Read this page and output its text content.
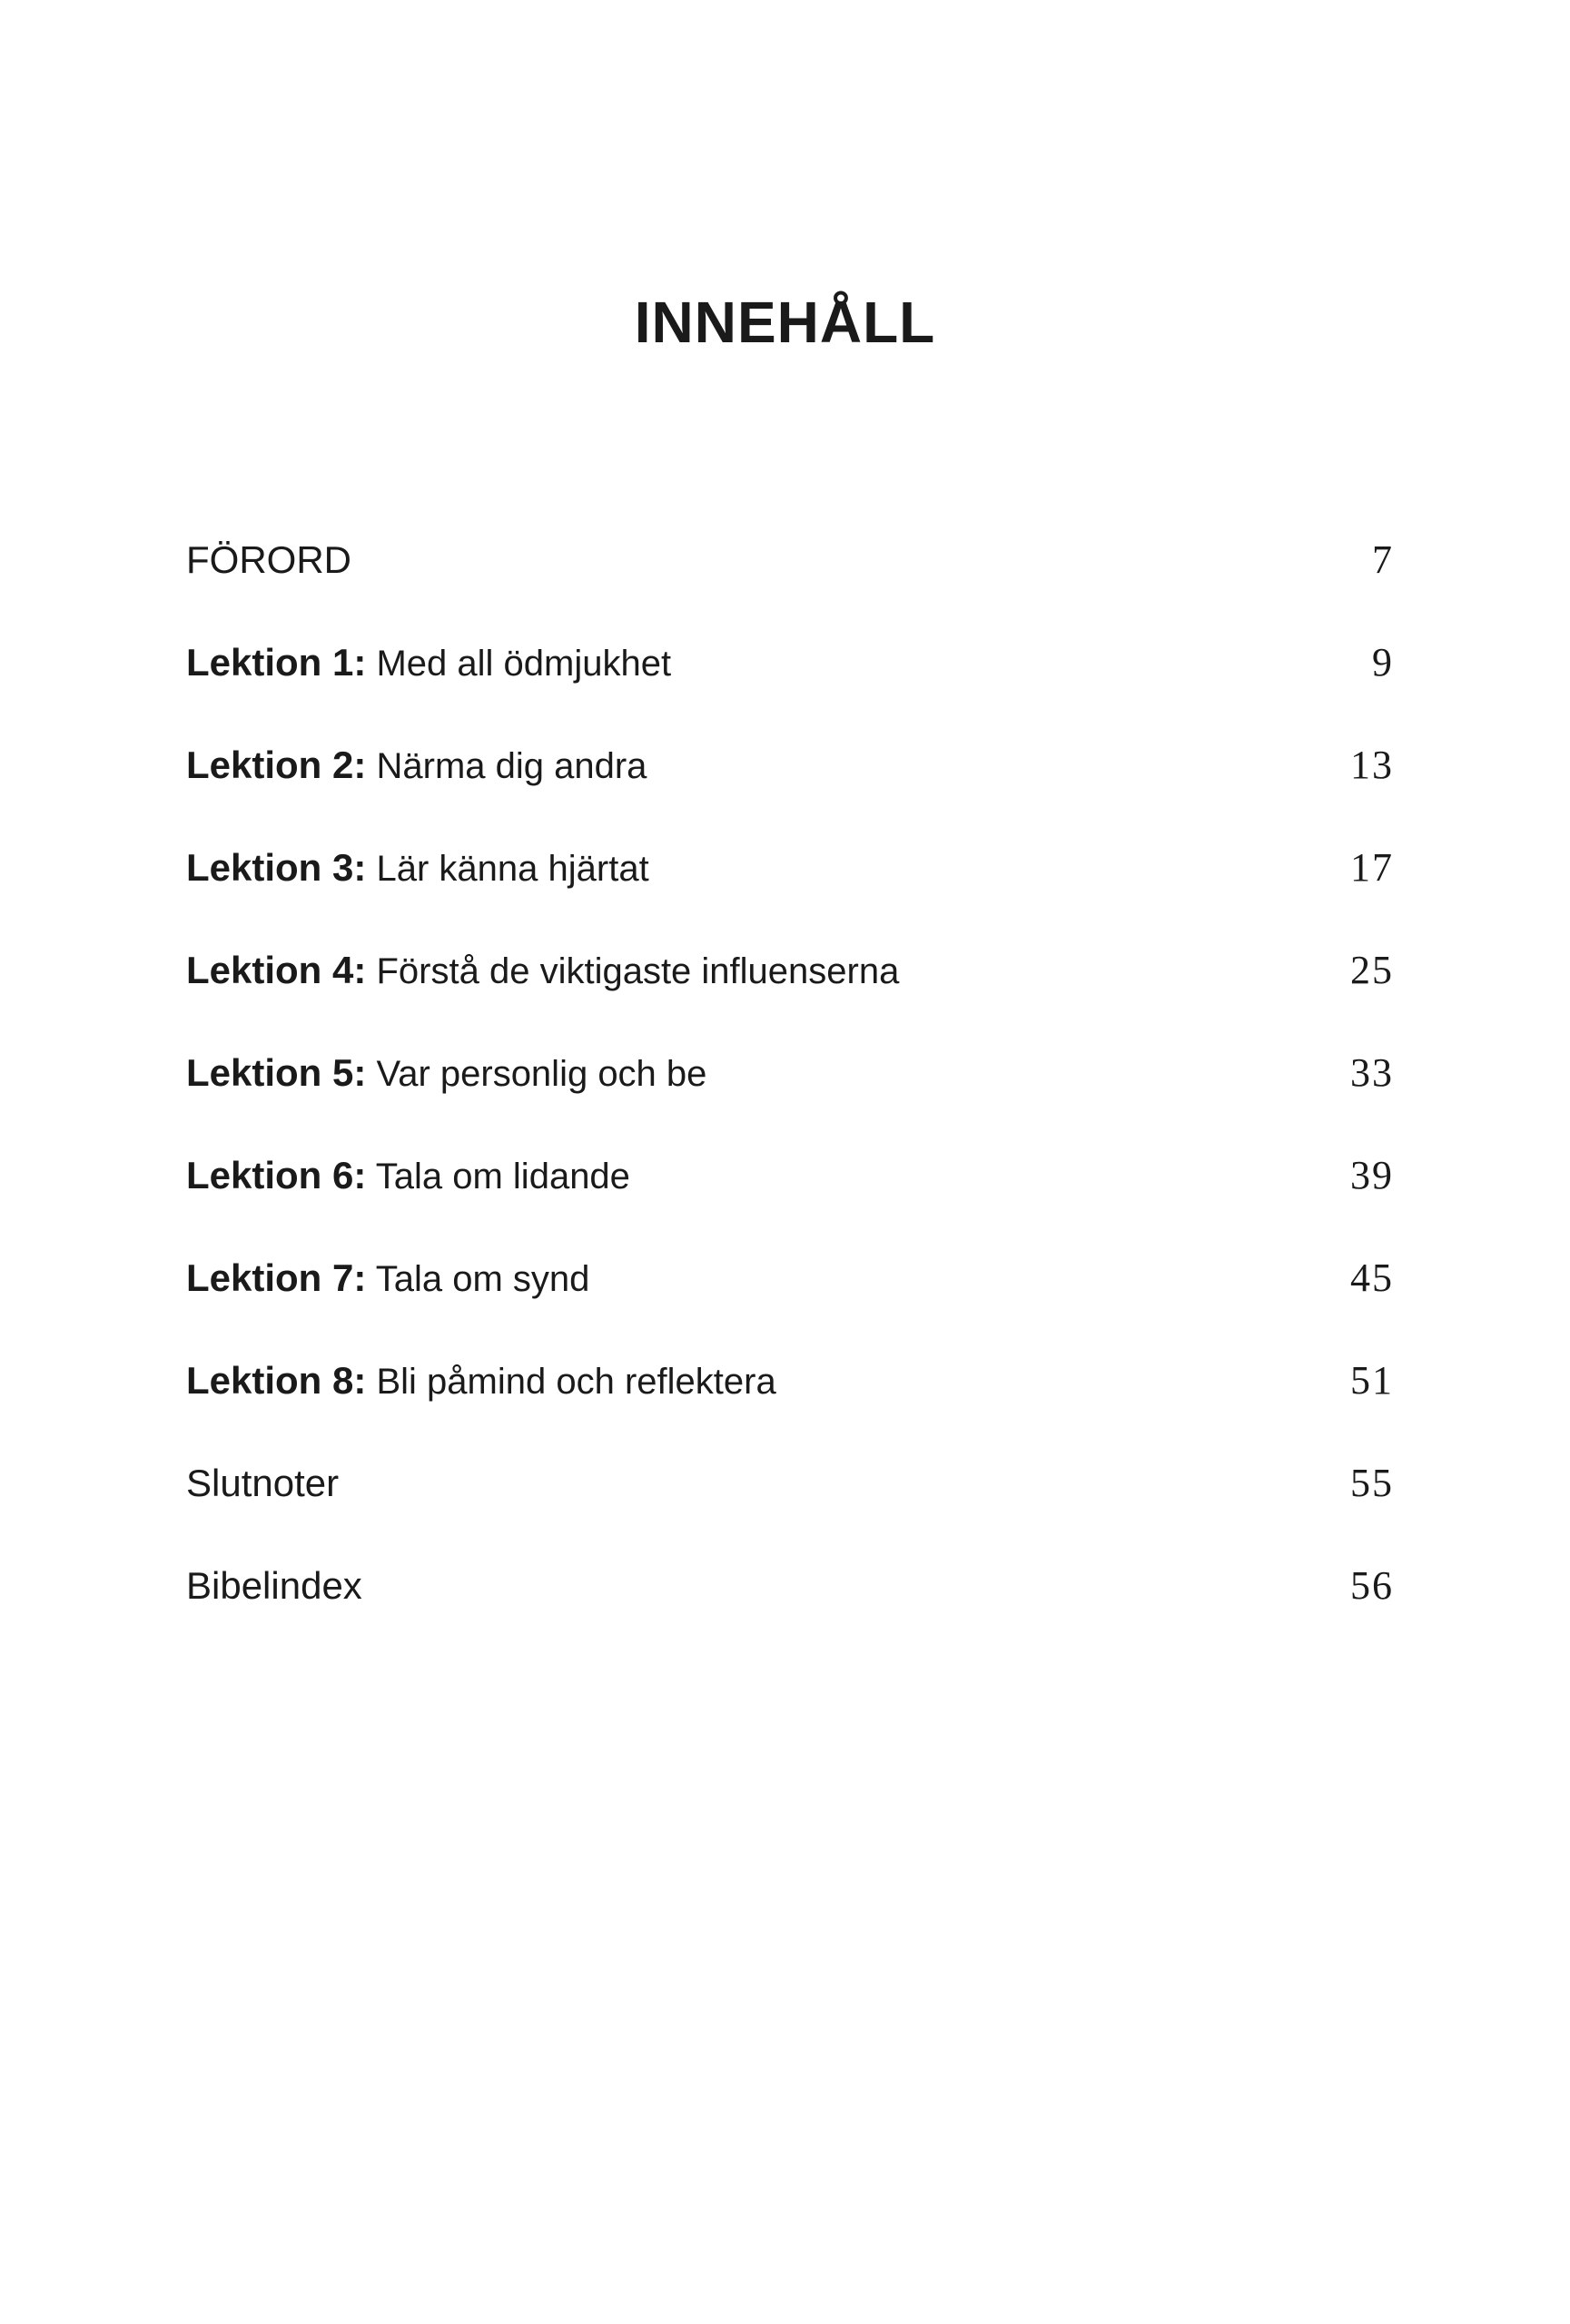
INNEHÅLL
FÖRORD	7
Lektion 1: Med all ödmjukhet	9
Lektion 2: Närma dig andra	13
Lektion 3: Lär känna hjärtat	17
Lektion 4: Förstå de viktigaste influenserna	25
Lektion 5: Var personlig och be	33
Lektion 6: Tala om lidande	39
Lektion 7: Tala om synd	45
Lektion 8: Bli påmind och reflektera	51
Slutnoter	55
Bibelindex	56
